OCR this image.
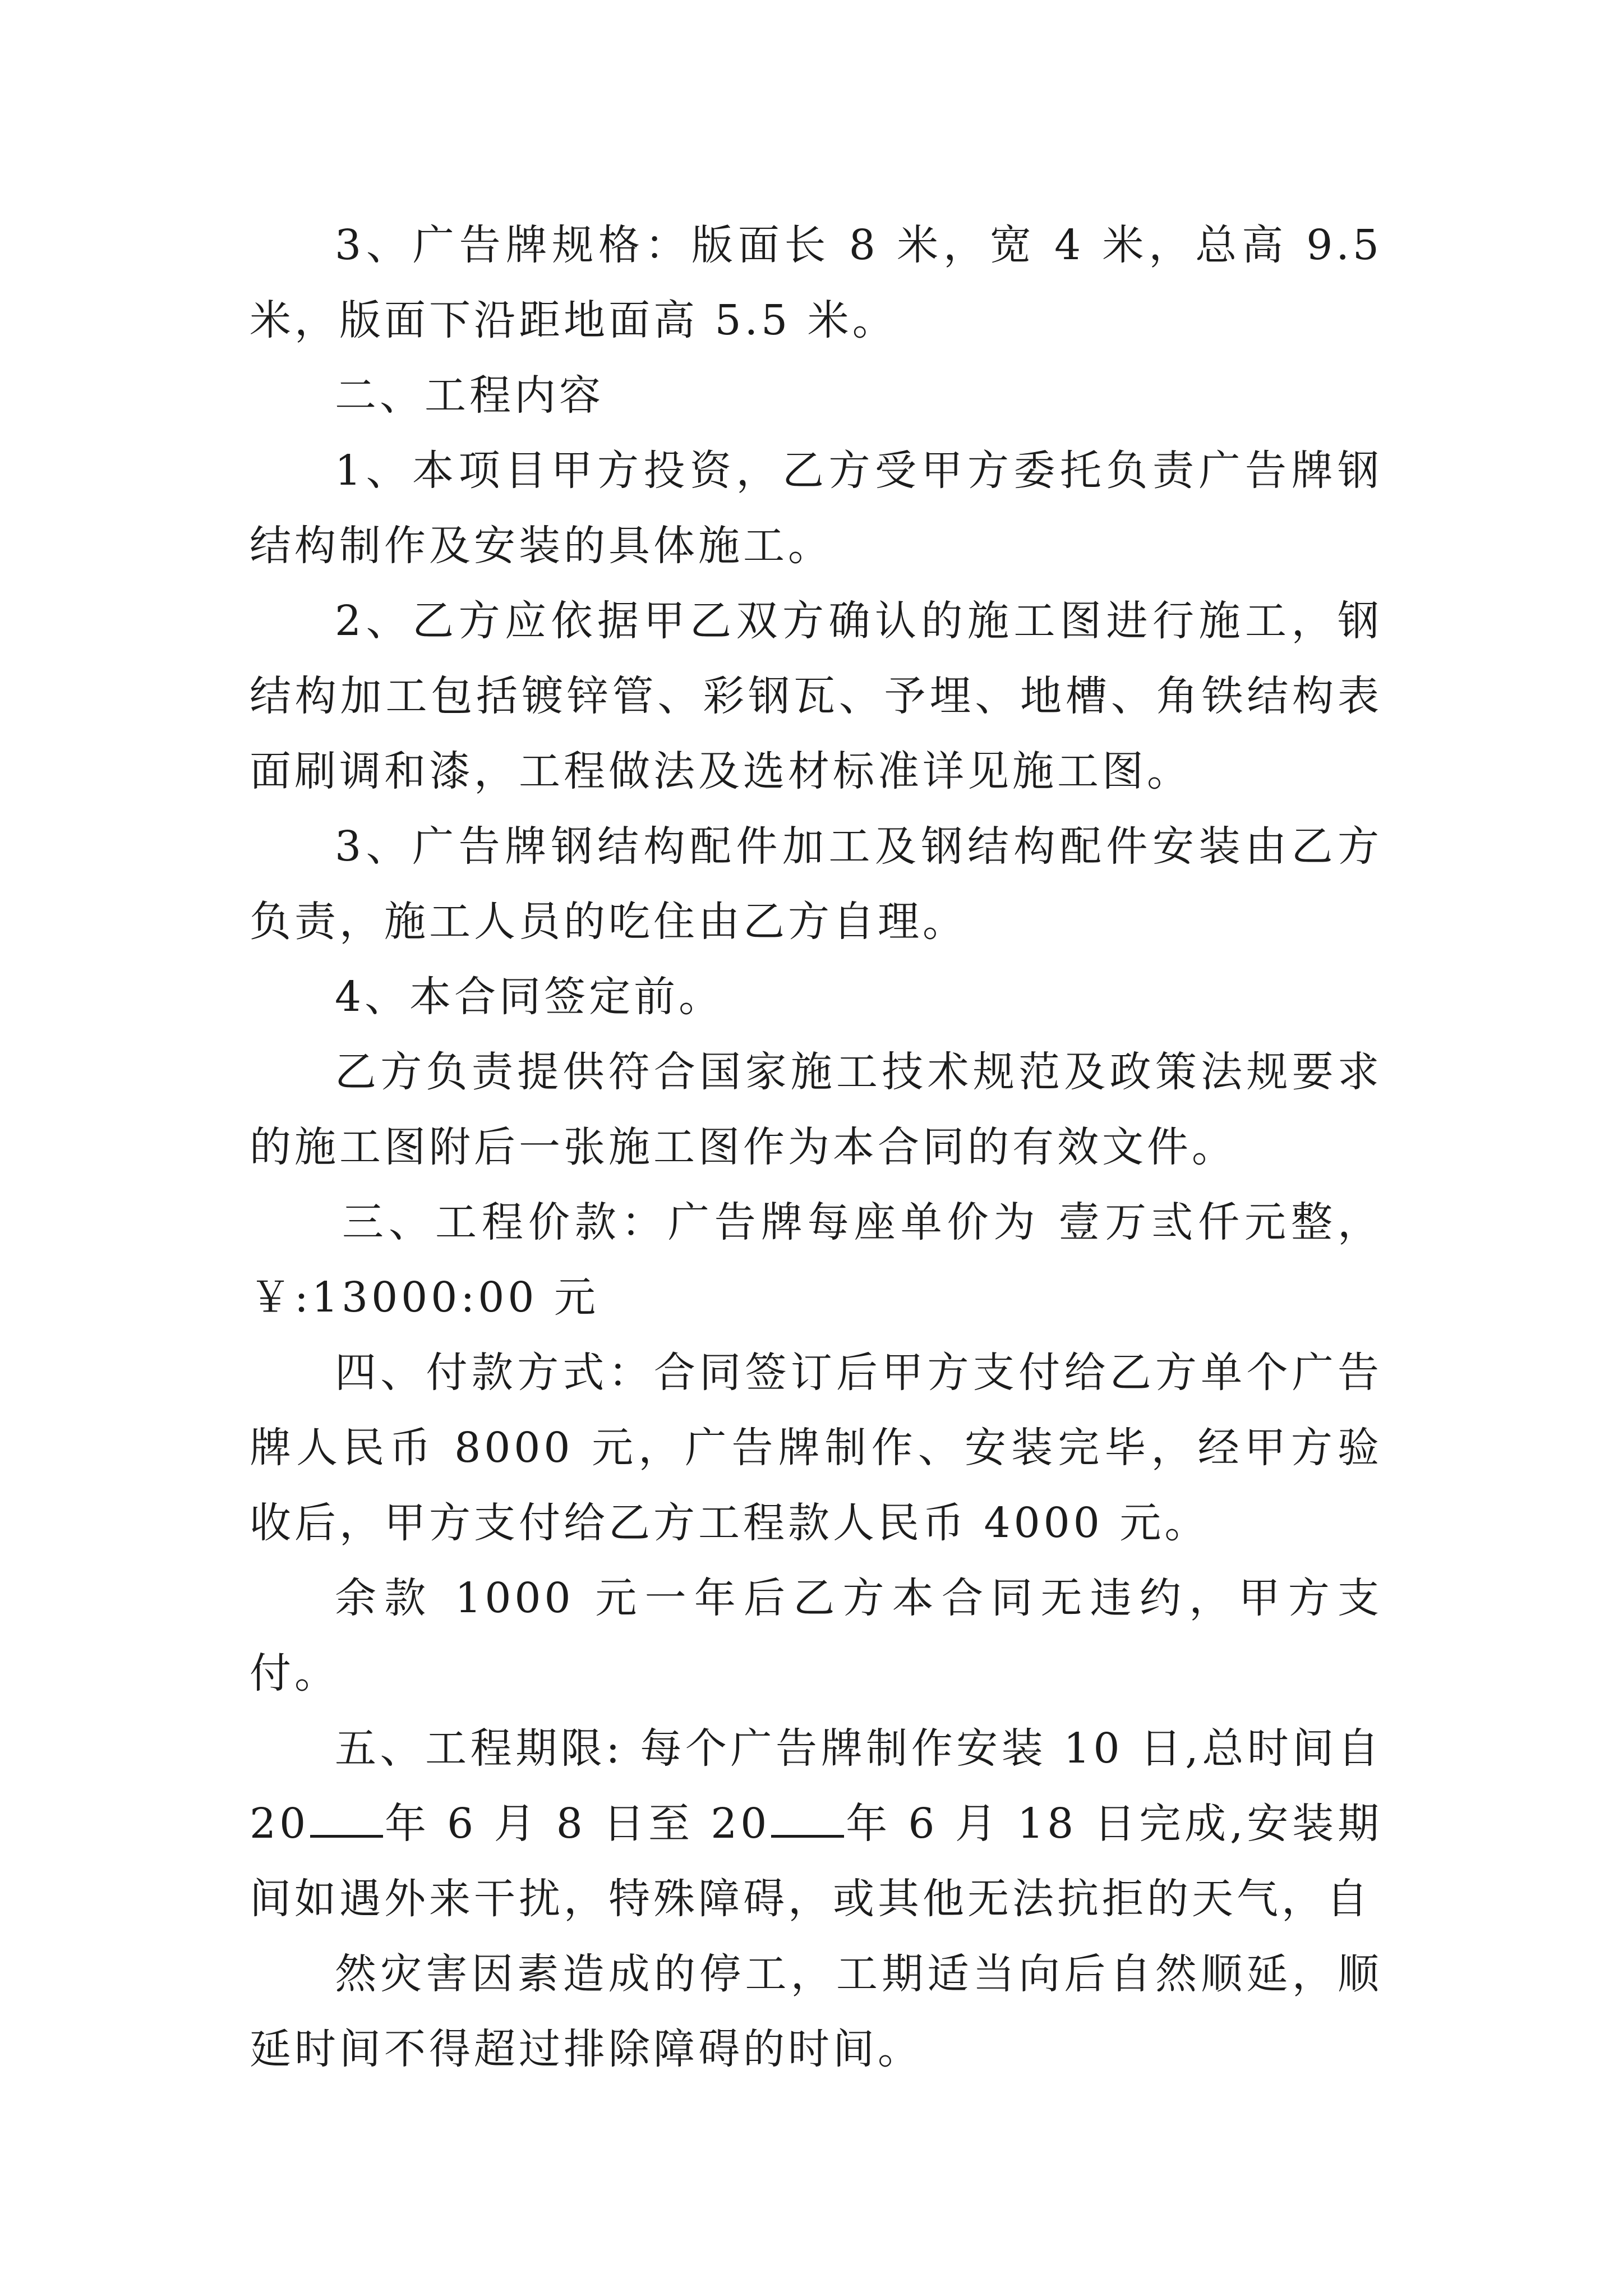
3、广告牌规格：版面长 8 米，宽 4 米，总高 9.5 米，版面下沿距地面高 5.5 米。

二、工程内容

1、本项目甲方投资，乙方受甲方委托负责广告牌钢结构制作及安装的具体施工。

2、乙方应依据甲乙双方确认的施工图进行施工，钢结构加工包括镀锌管、彩钢瓦、予埋、地槽、角铁结构表面刷调和漆，工程做法及选材标准详见施工图。

3、广告牌钢结构配件加工及钢结构配件安装由乙方负责，施工人员的吃住由乙方自理。

4、本合同签定前。

乙方负责提供符合国家施工技术规范及政策法规要求的施工图附后一张施工图作为本合同的有效文件。

三、工程价款：广告牌每座单价为 壹万弎仟元整，￥:13000:00 元

四、付款方式：合同签订后甲方支付给乙方单个广告牌人民币 8000 元，广告牌制作、安装完毕，经甲方验收后，甲方支付给乙方工程款人民币 4000 元。

余款 1000 元一年后乙方本合同无违约，甲方支付。

五、工程期限: 每个广告牌制作安装 10 日,总时间自 20 年 6 月 8 日至 20 年 6 月 18 日完成,安装期间如遇外来干扰，特殊障碍，或其他无法抗拒的天气，自

然灾害因素造成的停工，工期适当向后自然顺延，顺延时间不得超过排除障碍的时间。
